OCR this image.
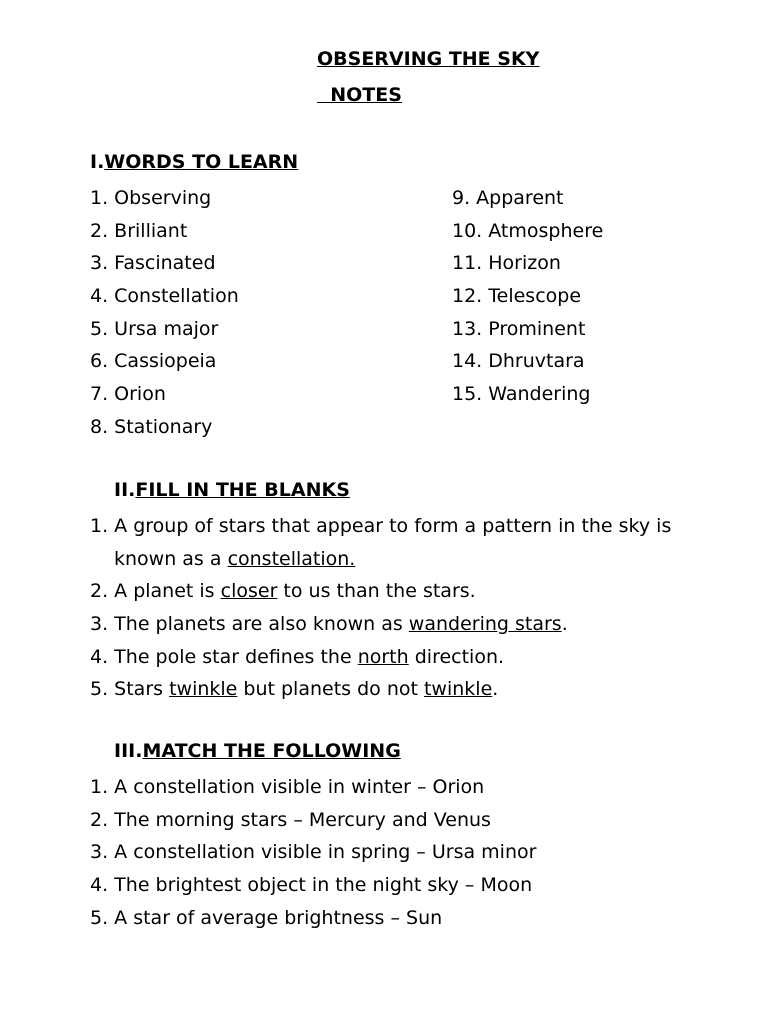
OBSERVING THE SKY
NOTES
I.WORDS TO LEARN
1. Observing
2. Brilliant
3. Fascinated
4. Constellation
5. Ursa major
6. Cassiopeia
7. Orion
8. Stationary
9. Apparent
10. Atmosphere
11. Horizon
12. Telescope
13. Prominent
14. Dhruvtara
15. Wandering
II.FILL IN THE BLANKS
1. A group of stars that appear to form a pattern in the sky is
known as a constellation.
2. A planet is closer to us than the stars.
3. The planets are also known as wandering stars.
4. The pole star defines the north direction.
5. Stars twinkle but planets do not twinkle.
III.MATCH THE FOLLOWING
1. A constellation visible in winter – Orion
2. The morning stars – Mercury and Venus
3. A constellation visible in spring – Ursa minor
4. The brightest object in the night sky – Moon
5. A star of average brightness – Sun
